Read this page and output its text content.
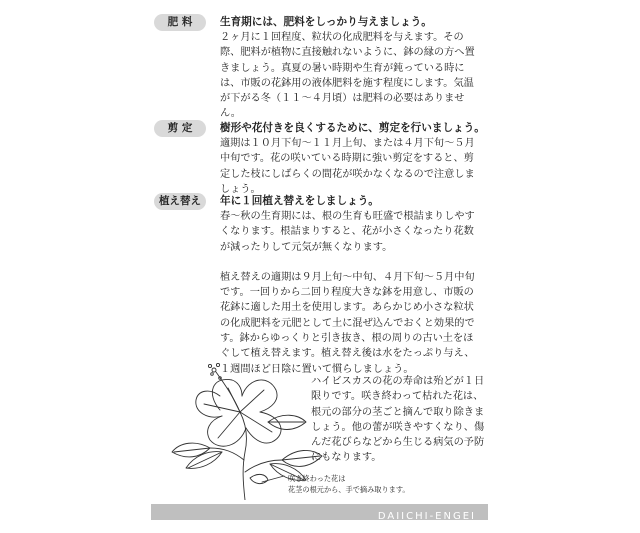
肥 料	生育期には、肥料をしっかり与えましょう。

２ヶ月に１回程度、粒状の化成肥料を与えます。その際、肥料が植物に直接触れないように、鉢の縁の方へ置きましょう。真夏の暑い時期や生育が鈍っている時には、市販の花鉢用の液体肥料を施す程度にします。気温が下がる冬（１１〜４月頃）は肥料の必要はありません。

剪 定	樹形や花付きを良くするために、剪定を行いましょう。

適期は１０月下旬〜１１月上旬、または４月下旬〜５月中旬です。花の咲いている時期に強い剪定をすると、剪定した枝にしばらくの間花が咲かなくなるので注意しましょう。

植え替え	年に１回植え替えをしましょう。

春〜秋の生育期には、根の生育も旺盛で根詰まりしやすくなります。根詰まりすると、花が小さくなったり花数が減ったりして元気が無くなります。

植え替えの適期は９月上旬〜中旬、４月下旬〜５月中旬です。一回りから二回り程度大きな鉢を用意し、市販の花鉢に適した用土を使用します。あらかじめ小さな粒状の化成肥料を元肥として土に混ぜ込んでおくと効果的です。鉢からゆっくりと引き抜き、根の周りの古い土をほぐして植え替えます。植え替え後は水をたっぷり与え、１週間ほど日陰に置いて慣らしましょう。

ハイビスカスの花の寿命は殆どが１日限りです。咲き終わって枯れた花は、根元の部分の茎ごと摘んで取り除きましょう。他の蕾が咲きやすくなり、傷んだ花びらなどから生じる病気の予防にもなります。

咲き終わった花は
花茎の根元から、手で摘み取ります。
DAIICHI-ENGEI
